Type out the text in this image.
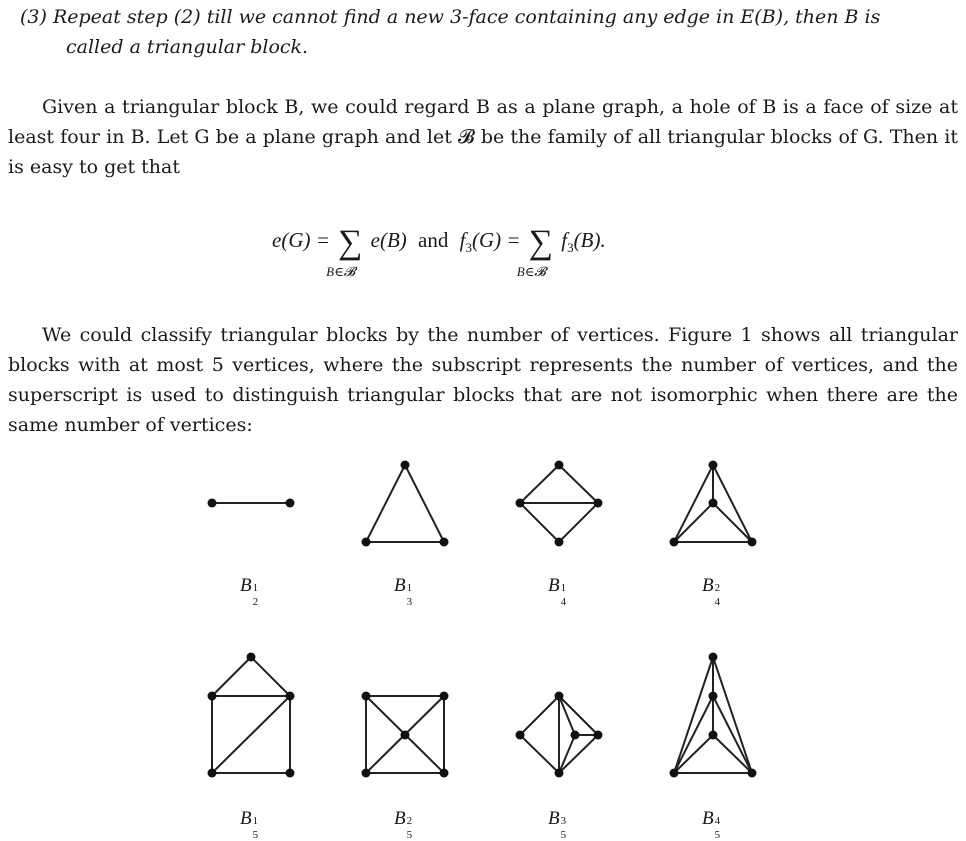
(3) Repeat step (2) till we cannot find a new 3-face containing any edge in E(B), then B is
called a triangular block.
Given a triangular block B, we could regard B as a plane graph, a hole of B is a face of size at least four in B. Let G be a plane graph and let 𝓑 be the family of all triangular blocks of G. Then it is easy to get that
e(G) = ∑
B∈𝓑
e(B) and $f_3(G)$ = ∑
B∈𝓑
$f_3(B)$.
We could classify triangular blocks by the number of vertices. Figure 1 shows all triangular blocks with at most 5 vertices, where the subscript represents the number of vertices, and the superscript is used to distinguish triangular blocks that are not isomorphic when there are the same number of vertices:
B 1
2
B 1
3
B 1
4
B 2
4
B 1
5
B 2
5
B 3
5
B 4
5
